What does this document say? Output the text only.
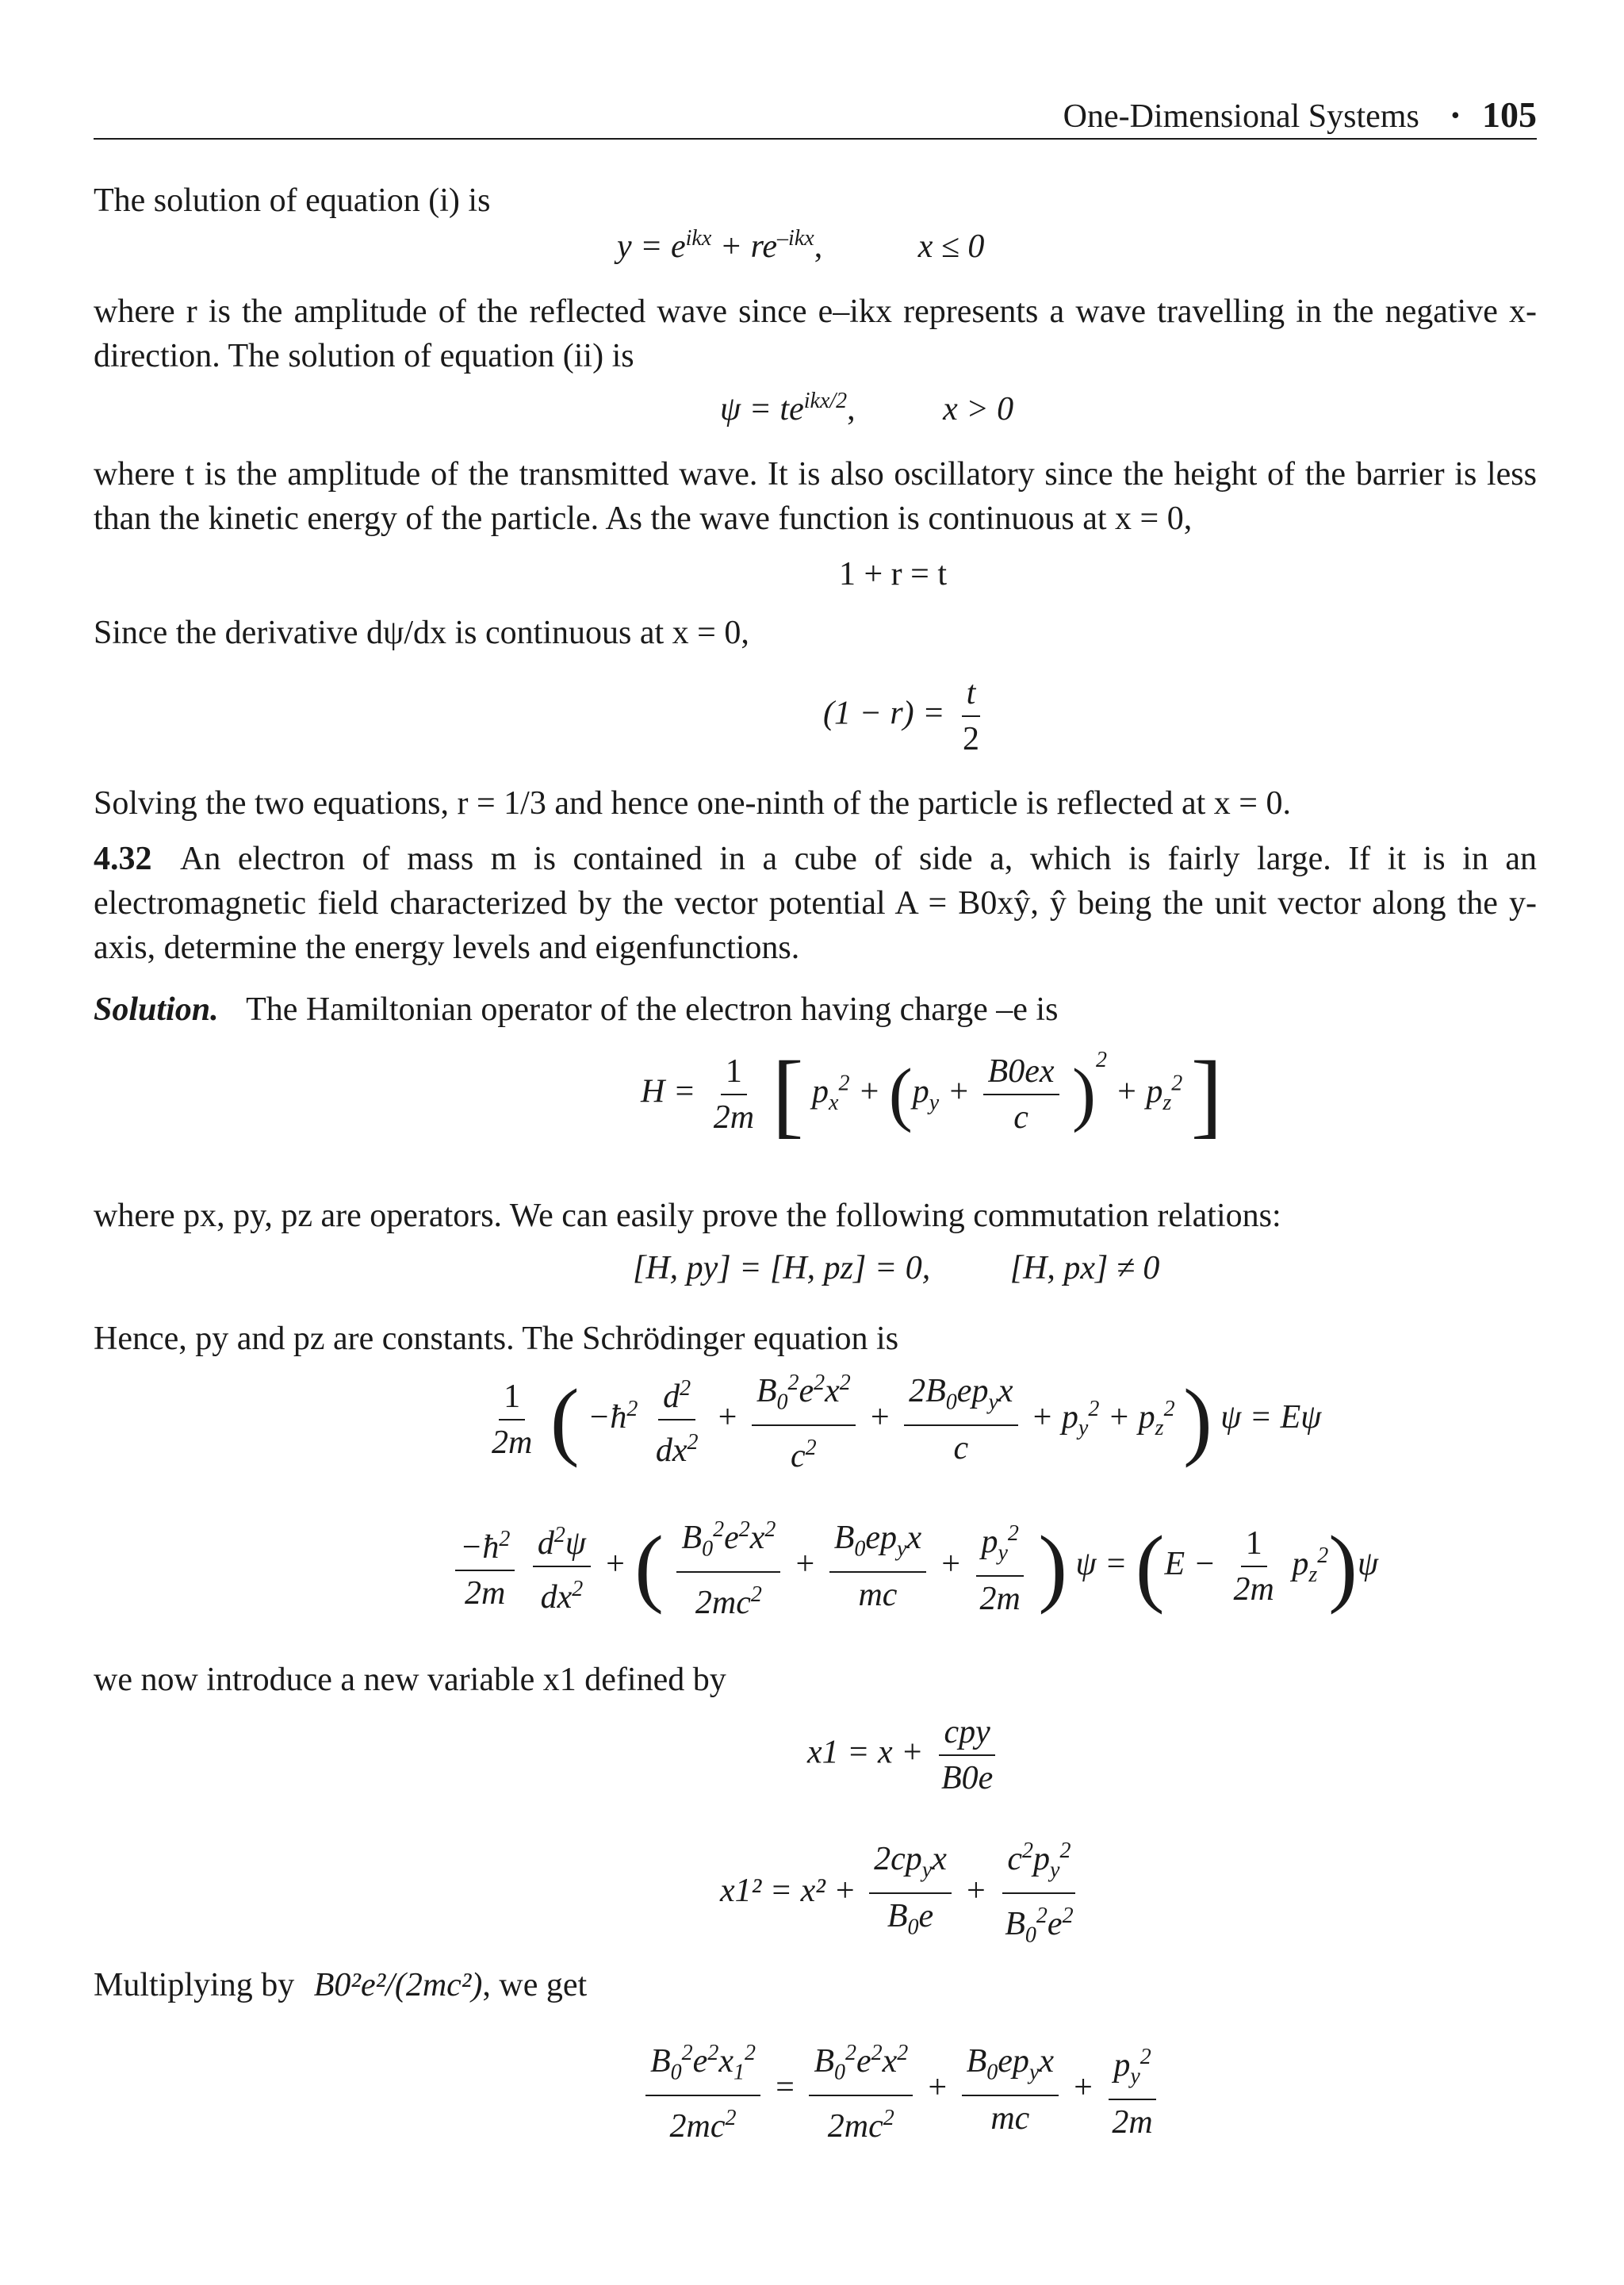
One-Dimensional Systems • 105
The solution of equation (i) is
$y = e^{ikx} + re^{-ikx}$,	x ≤ 0
where r is the amplitude of the reflected wave since e–ikx represents a wave travelling in the negative x-direction. The solution of equation (ii) is
$\psi = te^{ikx/2}$,	x > 0
where t is the amplitude of the transmitted wave. It is also oscillatory since the height of the barrier is less than the kinetic energy of the particle. As the wave function is continuous at x = 0,
1 + r = t
Since the derivative dψ/dx is continuous at x = 0,
$(1 - r) = \frac{t}{2}$
Solving the two equations, r = 1/3 and hence one-ninth of the particle is reflected at x = 0.
4.32 An electron of mass m is contained in a cube of side a, which is fairly large. If it is in an electromagnetic field characterized by the vector potential A = B0xŷ, ŷ being the unit vector along the y-axis, determine the energy levels and eigenfunctions.
Solution. The Hamiltonian operator of the electron having charge –e is
$H = \frac{1}{2m}$ [ $p_x^2 + (p_y + \frac{B0ex}{c} )^2 + p_z^2$ ]
where px, py, pz are operators. We can easily prove the following commutation relations:
[H, py] = [H, pz] = 0, [H, px] ≠ 0
Hence, py and pz are constants. The Schrödinger equation is
$\frac{1}{2m}$ ( $-ħ^2 \frac{d^2}{dx^2} + \frac{B_0^2e^2x^2}{c^2} + \frac{2B_0ep_yx}{c} + p_y^2 + p_z^2$ ) ψ = Eψ
$\frac{-ħ^2}{2m}$
$\frac{d^2\psi}{dx^2}$ + ( $\frac{B_0^2e^2x^2}{2mc^2} + \frac{B_0ep_yx}{mc} + \frac{p_y^2}{2m}$ ) $\psi = (E - \frac{1}{2m} p_z^2)\psi$
we now introduce a new variable x1 defined by
$x1 = x + \frac{\text{cpy}}{B0e}$
$x1^2 = x^2 + \frac{2cp_yx}{B_0e} + \frac{c^2p_y^2}{B_0^2e^2}$
Multiplying by B0²e²/(2mc²), we get
$\frac{B_0^2e^2x_1^2}{2mc^2} = \frac{B_0^2e^2x^2}{2mc^2} + \frac{B_0ep_yx}{mc} + \frac{p_y^2}{2m}$
